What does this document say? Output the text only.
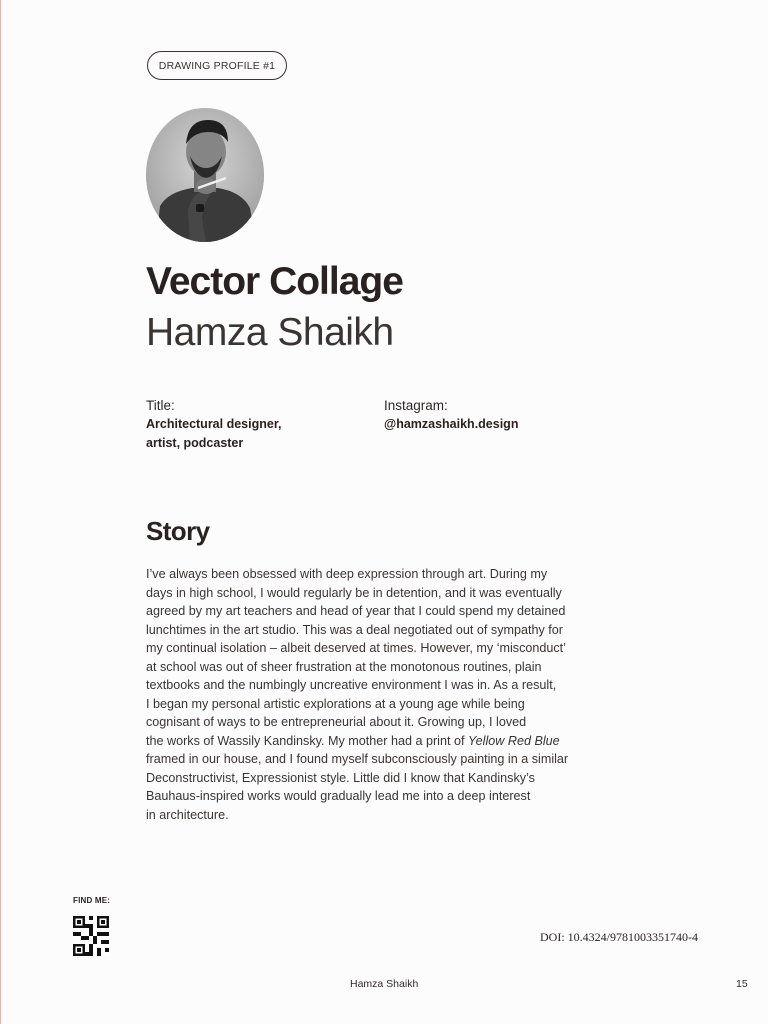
DRAWING PROFILE #1
Vector Collage
Hamza Shaikh
Title:
Architectural designer,
artist, podcaster
Instagram:
@hamzashaikh.design
Story
I’ve always been obsessed with deep expression through art. During my
days in high school, I would regularly be in detention, and it was eventually
agreed by my art teachers and head of year that I could spend my detained
lunchtimes in the art studio. This was a deal negotiated out of sympathy for
my continual isolation – albeit deserved at times. However, my ‘misconduct’
at school was out of sheer frustration at the monotonous routines, plain
textbooks and the numbingly uncreative environment I was in. As a result,
I began my personal artistic explorations at a young age while being
cognisant of ways to be entrepreneurial about it. Growing up, I loved
the works of Wassily Kandinsky. My mother had a print of Yellow Red Blue
framed in our house, and I found myself subconsciously painting in a similar
Deconstructivist, Expressionist style. Little did I know that Kandinsky’s
Bauhaus-inspired works would gradually lead me into a deep interest
in architecture.
FIND ME:
DOI: 10.4324/9781003351740-4
Hamza Shaikh	15
